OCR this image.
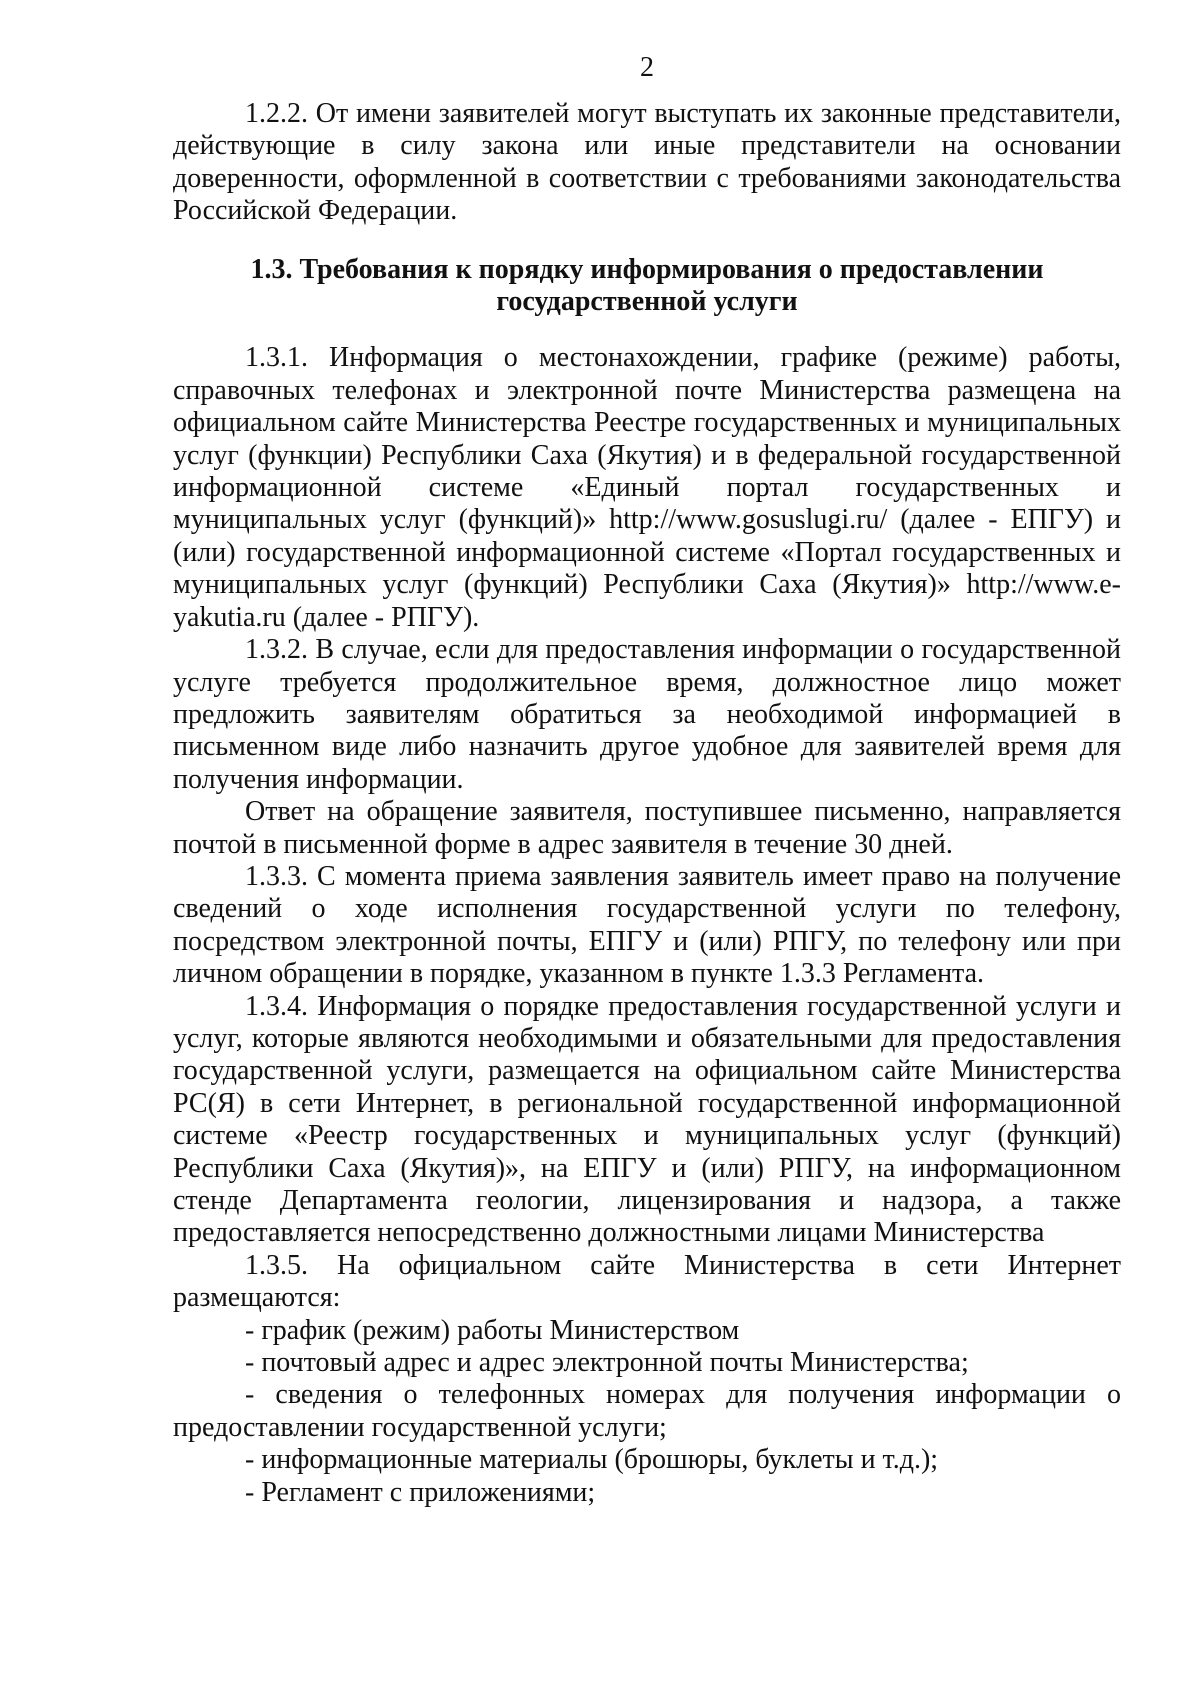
2

1.2.2. От имени заявителей могут выступать их законные представители, действующие в силу закона или иные представители на основании доверенности, оформленной в соответствии с требованиями законодательства Российской Федерации.

1.3. Требования к порядку информирования о предоставлении
государственной услуги

1.3.1. Информация о местонахождении, графике (режиме) работы, справочных телефонах и электронной почте Министерства размещена на официальном сайте Министерства Реестре государственных и муниципальных услуг (функции) Республики Саха (Якутия) и в федеральной государственной информационной системе «Единый портал государственных и муниципальных услуг (функций)» http://www.gosuslugi.ru/ (далее - ЕПГУ) и (или) государственной информационной системе «Портал государственных и муниципальных услуг (функций) Республики Саха (Якутия)» http://www.e-yakutia.ru (далее - РПГУ).

1.3.2. В случае, если для предоставления информации о государственной услуге требуется продолжительное время, должностное лицо может предложить заявителям обратиться за необходимой информацией в письменном виде либо назначить другое удобное для заявителей время для получения информации.

Ответ на обращение заявителя, поступившее письменно, направляется почтой в письменной форме в адрес заявителя в течение 30 дней.

1.3.3. С момента приема заявления заявитель имеет право на получение сведений о ходе исполнения государственной услуги по телефону, посредством электронной почты, ЕПГУ и (или) РПГУ, по телефону или при личном обращении в порядке, указанном в пункте 1.3.3 Регламента.

1.3.4. Информация о порядке предоставления государственной услуги и услуг, которые являются необходимыми и обязательными для предоставления государственной услуги, размещается на официальном сайте Министерства РС(Я) в сети Интернет, в региональной государственной информационной системе «Реестр государственных и муниципальных услуг (функций) Республики Саха (Якутия)», на ЕПГУ и (или) РПГУ, на информационном стенде Департамента геологии, лицензирования и надзора, а также предоставляется непосредственно должностными лицами Министерства

1.3.5. На официальном сайте Министерства в сети Интернет размещаются:

- график (режим) работы Министерством

- почтовый адрес и адрес электронной почты Министерства;

- сведения о телефонных номерах для получения информации о предоставлении государственной услуги;

- информационные материалы (брошюры, буклеты и т.д.);

- Регламент с приложениями;
